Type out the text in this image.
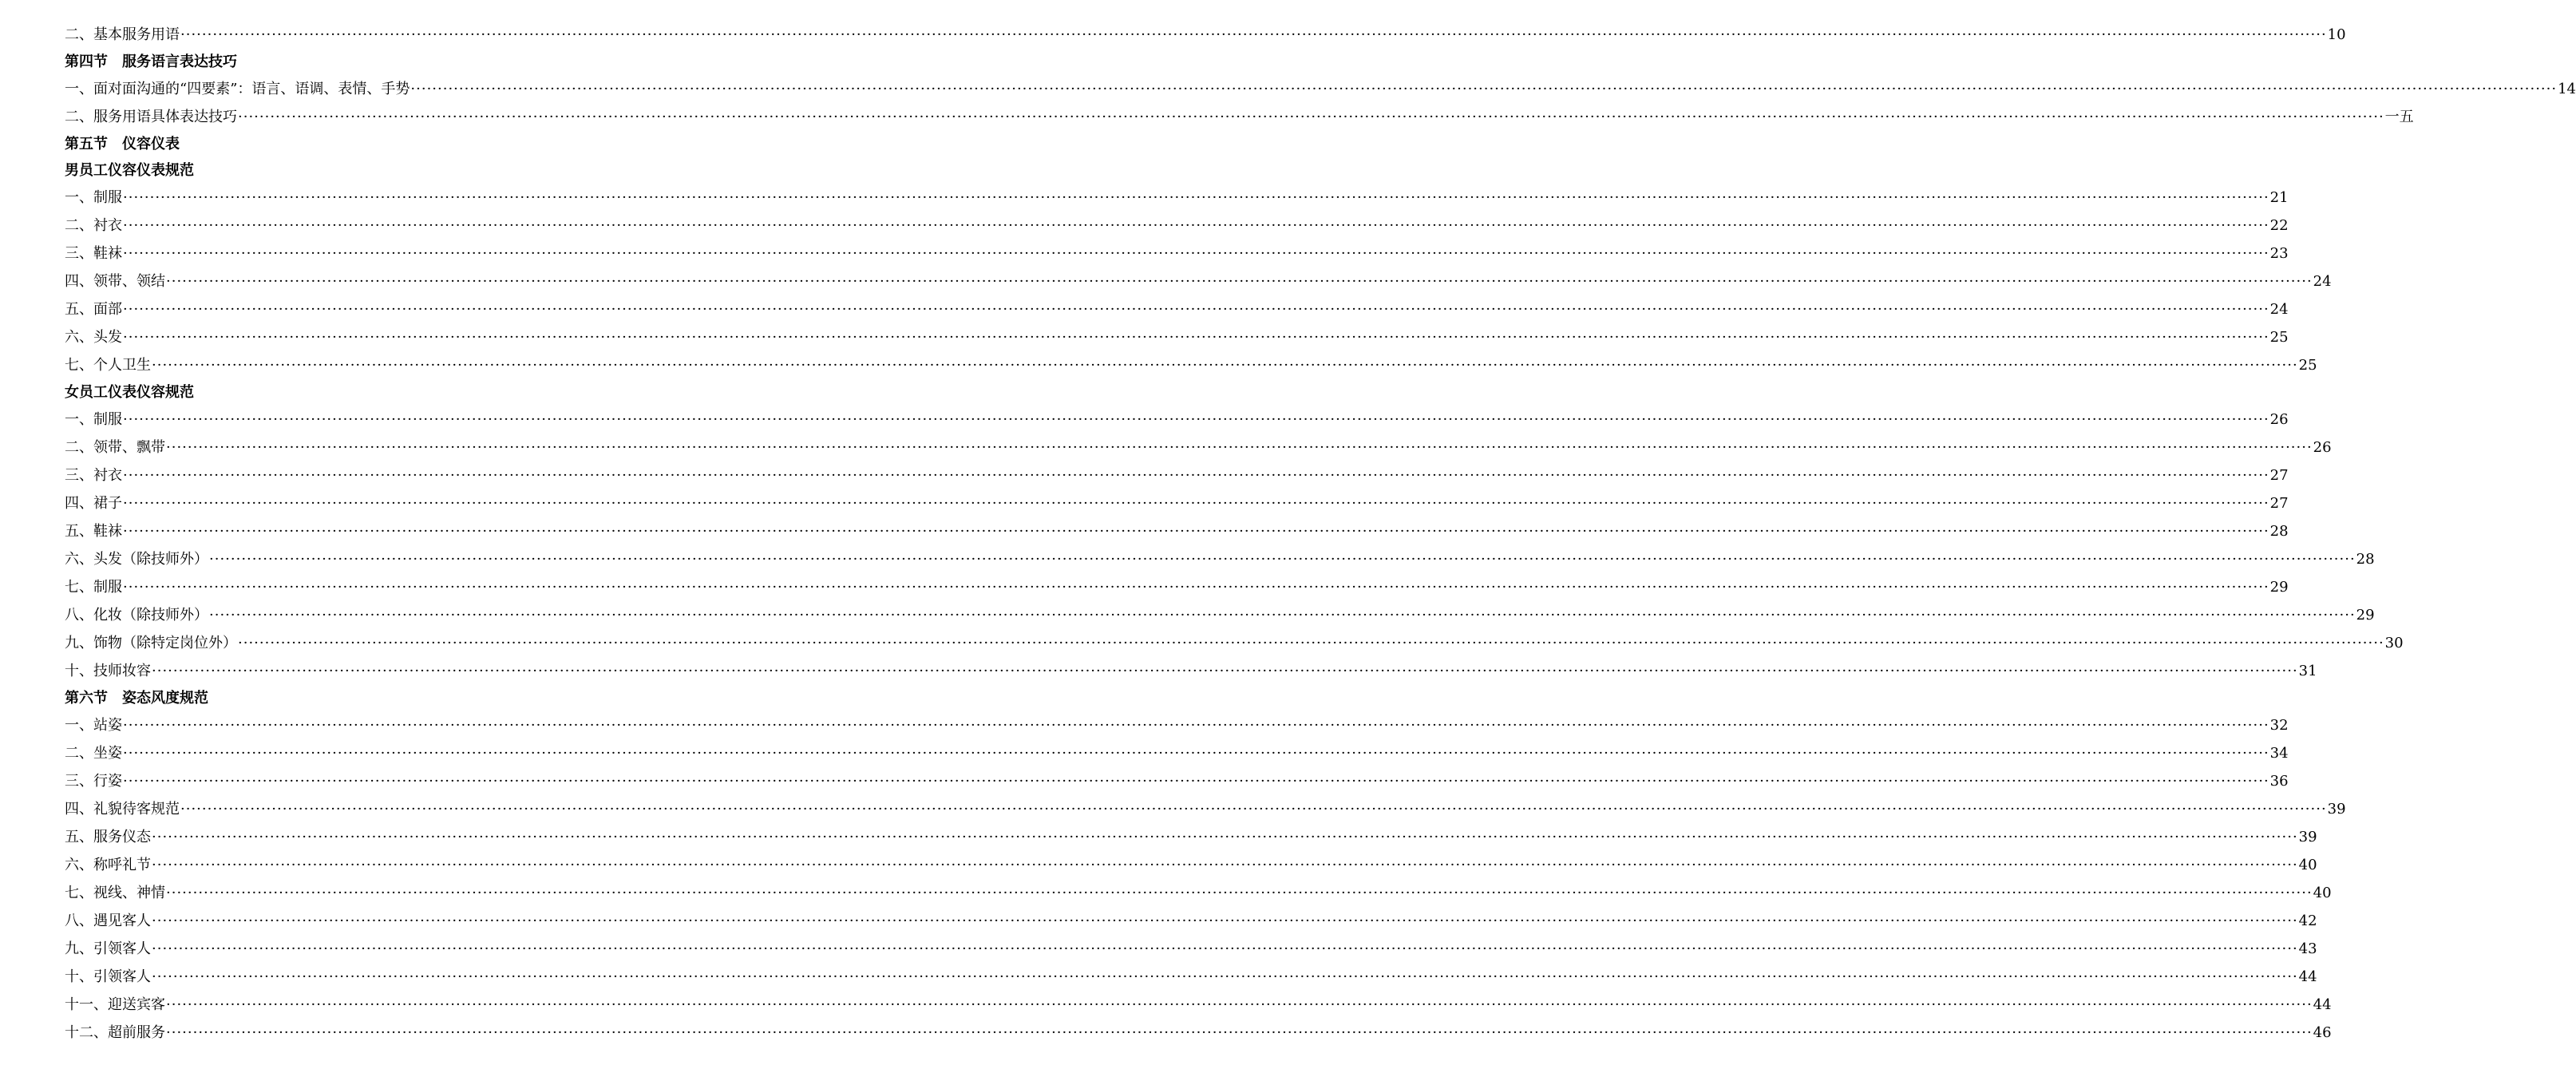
二、基本服务用语 ················································································································································································································································································································································································································ 10
第四节　服务语言表达技巧
一、面对面沟通的“四要素”：语言、语调、表情、手势 ················································································································································································································································································································································································································ 14
二、服务用语具体表达技巧 ················································································································································································································································································································································································································ 一五
第五节　仪容仪表
男员工仪容仪表规范
一、制服 ················································································································································································································································································································································································································ 21
二、衬衣 ················································································································································································································································································································································································································ 22
三、鞋袜 ················································································································································································································································································································································································································ 23
四、领带、领结 ················································································································································································································································································································································································································ 24
五、面部 ················································································································································································································································································································································································································ 24
六、头发 ················································································································································································································································································································································································································ 25
七、个人卫生 ················································································································································································································································································································································································································ 25
女员工仪表仪容规范
一、制服 ················································································································································································································································································································································································································ 26
二、领带、飘带 ················································································································································································································································································································································································································ 26
三、衬衣 ················································································································································································································································································································································································································ 27
四、裙子 ················································································································································································································································································································································································································ 27
五、鞋袜 ················································································································································································································································································································································································································ 28
六、头发（除技师外） ················································································································································································································································································································································································································ 28
七、制服 ················································································································································································································································································································································································································ 29
八、化妆（除技师外） ················································································································································································································································································································································································································ 29
九、饰物（除特定岗位外） ················································································································································································································································································································································································································ 30
十、技师妆容 ················································································································································································································································································································································································································ 31
第六节　姿态风度规范
一、站姿 ················································································································································································································································································································································································································ 32
二、坐姿 ················································································································································································································································································································································································································ 34
三、行姿 ················································································································································································································································································································································································································ 36
四、礼貌待客规范 ················································································································································································································································································································································································································ 39
五、服务仪态 ················································································································································································································································································································································································································ 39
六、称呼礼节 ················································································································································································································································································································································································································ 40
七、视线、神情 ················································································································································································································································································································································································································ 40
八、遇见客人 ················································································································································································································································································································································································································ 42
九、引领客人 ················································································································································································································································································································································································································ 43
十、引领客人 ················································································································································································································································································································································································································ 44
十一、迎送宾客 ················································································································································································································································································································································································································ 44
十二、超前服务 ················································································································································································································································································································································································································ 46
